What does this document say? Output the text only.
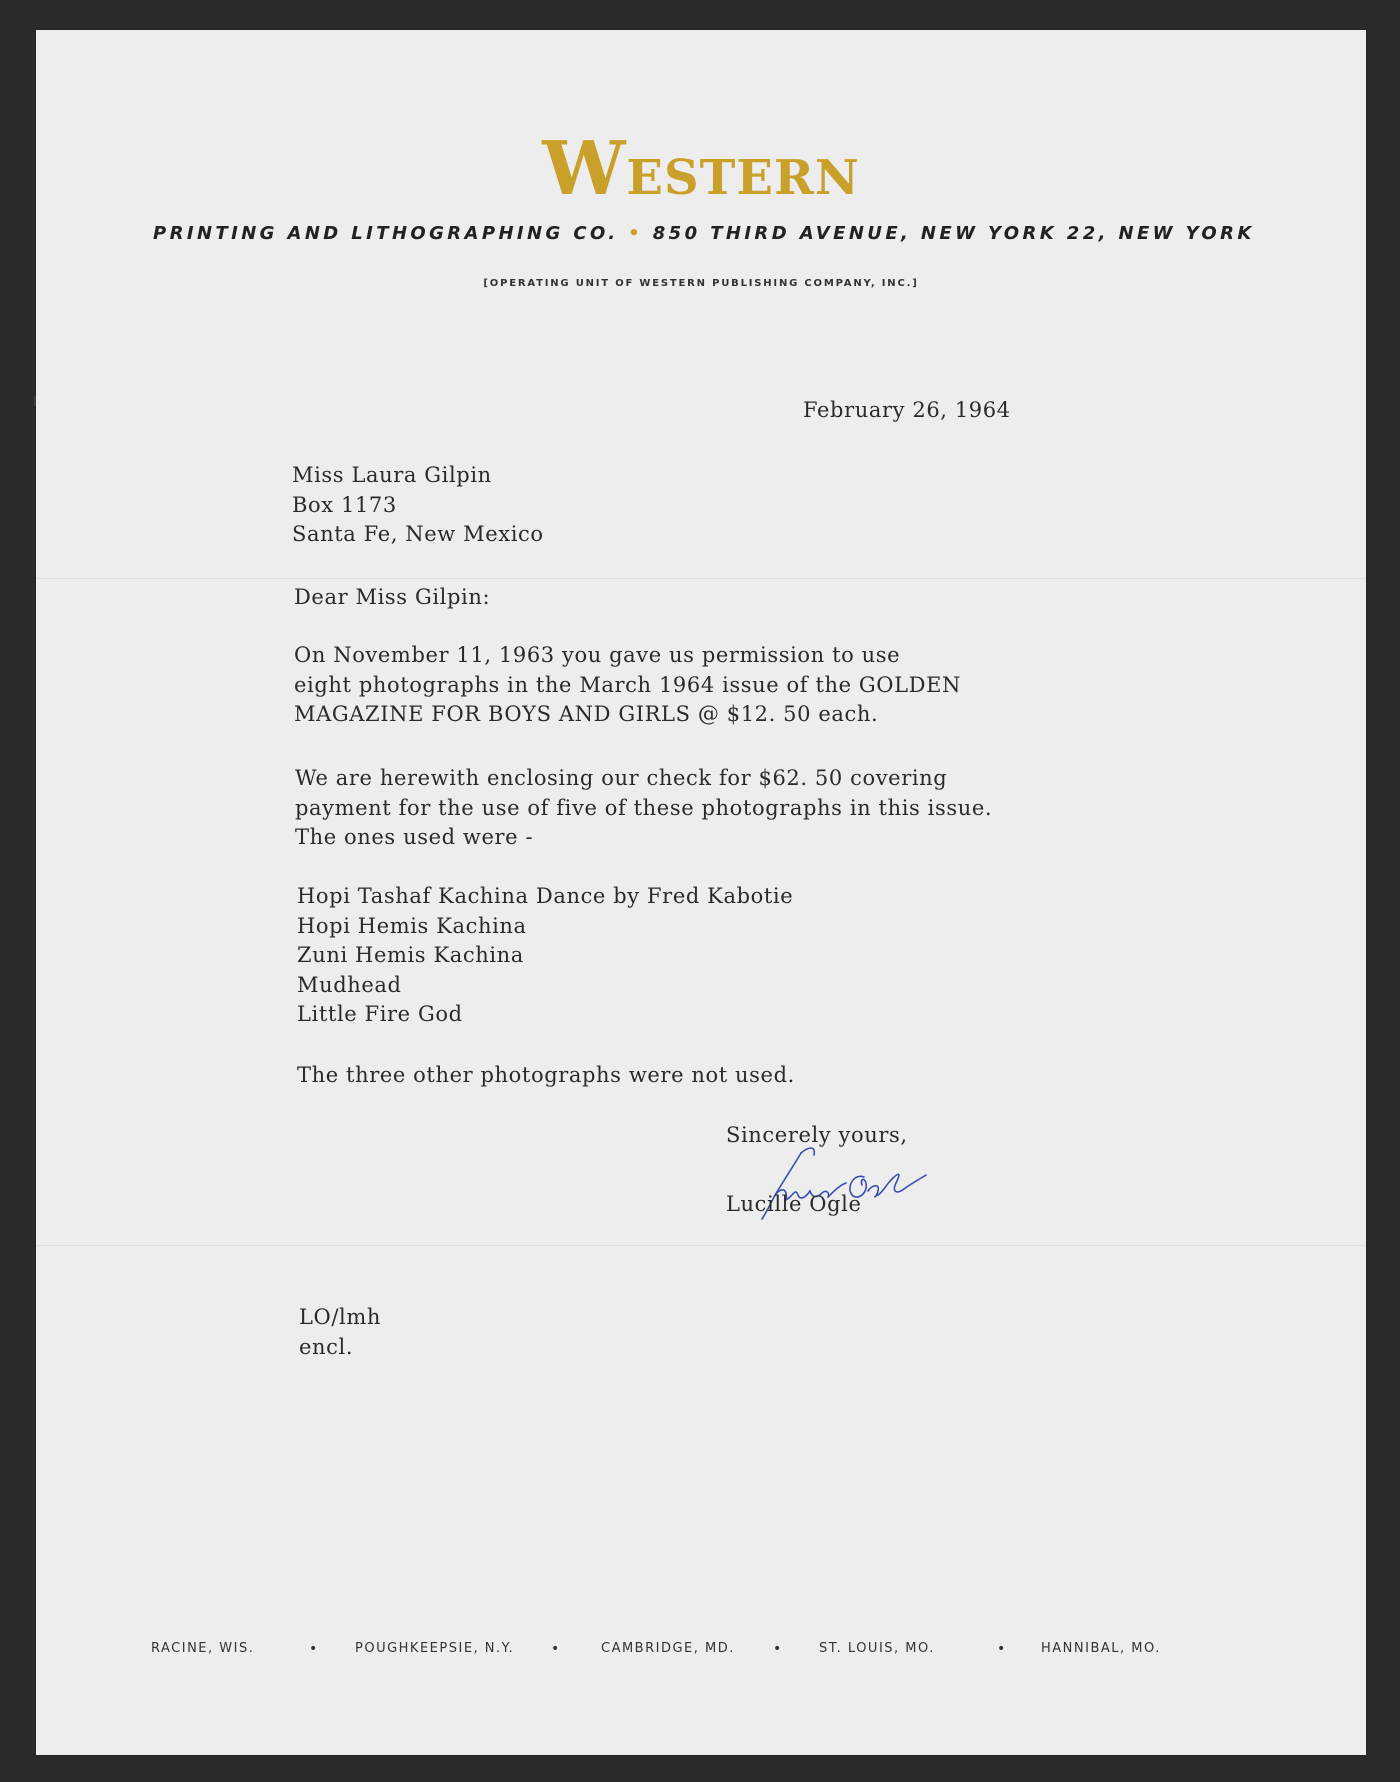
WESTERN
PRINTING AND LITHOGRAPHING CO. • 850 THIRD AVENUE, NEW YORK 22, NEW YORK
[OPERATING UNIT OF WESTERN PUBLISHING COMPANY, INC.]
February 26, 1964
Miss Laura Gilpin
Box 1173
Santa Fe, New Mexico
Dear Miss Gilpin:
On November 11, 1963 you gave us permission to use
eight photographs in the March 1964 issue of the GOLDEN
MAGAZINE FOR BOYS AND GIRLS @ $12. 50 each.
We are herewith enclosing our check for $62. 50 covering
payment for the use of five of these photographs in this issue.
The ones used were -
Hopi Tashaf Kachina Dance by Fred Kabotie
Hopi Hemis Kachina
Zuni Hemis Kachina
Mudhead
Little Fire God
The three other photographs were not used.
Sincerely yours,
Lucille Ogle
LO/lmh
encl.
RACINE, WIS.	•	POUGHKEEPSIE, N.Y.	•	CAMBRIDGE, MD.	•	ST. LOUIS, MO.	•	HANNIBAL, MO.
